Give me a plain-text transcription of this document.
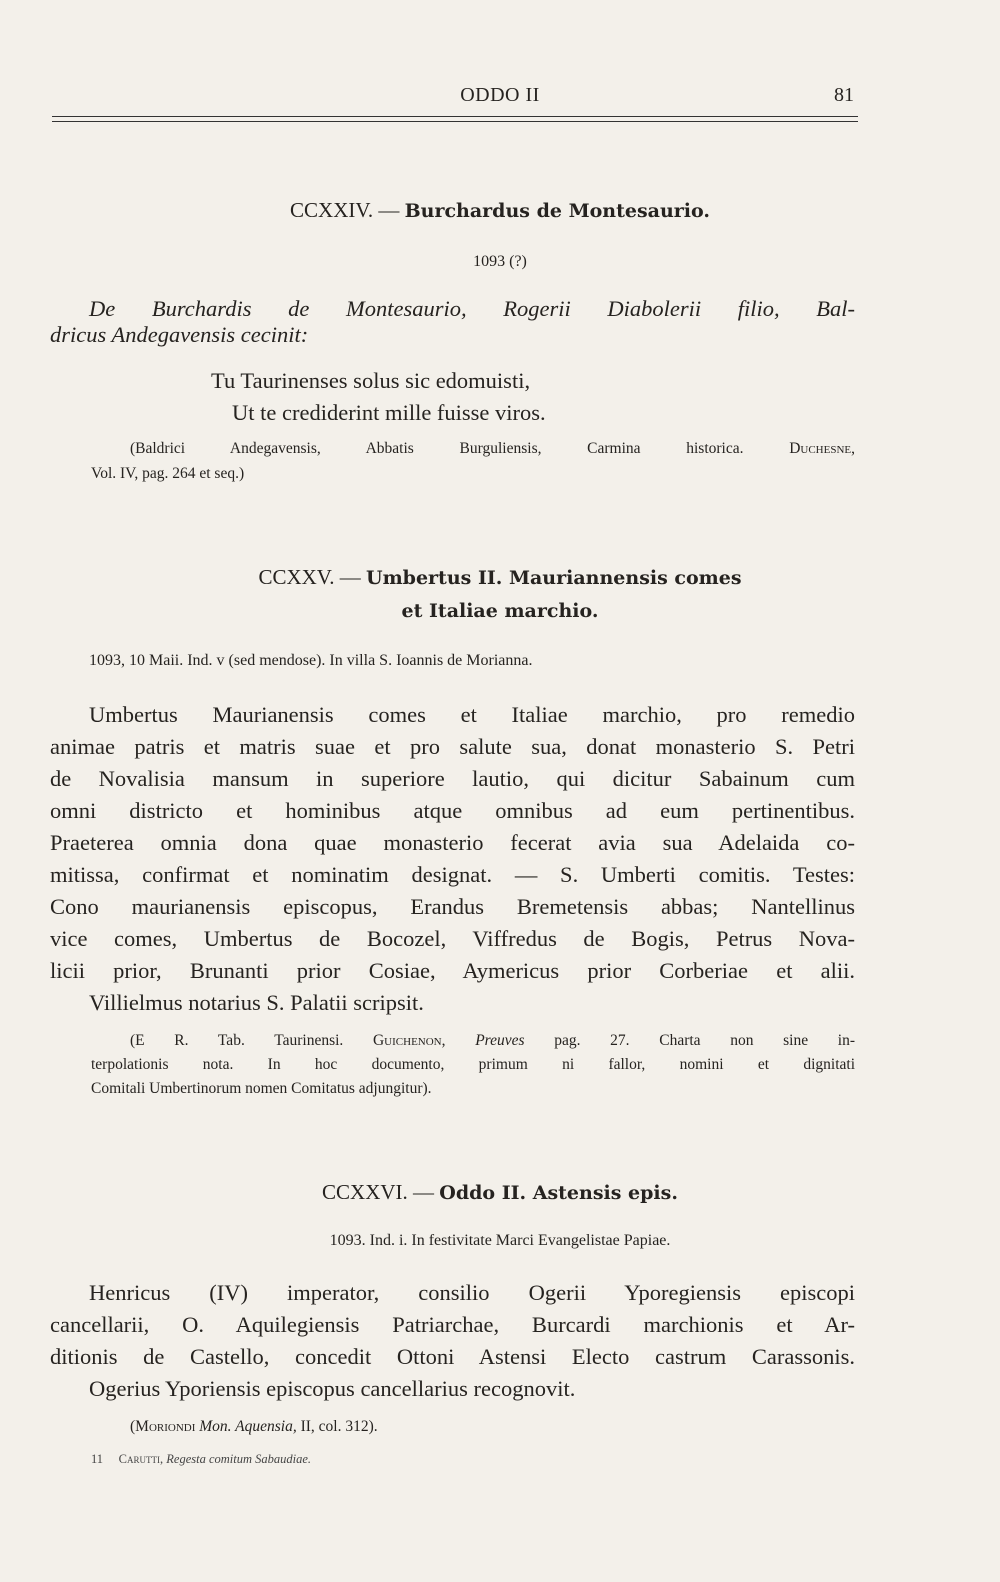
ODDO II	81
CCXXIV. — Burchardus de Montesaurio.
1093 (?)
De Burchardis de Montesaurio, Rogerii Diabolerii filio, Bal-
dricus Andegavensis cecinit:
Tu Taurinenses solus sic edomuisti,
Ut te crediderint mille fuisse viros.
(Baldrici Andegavensis, Abbatis Burguliensis, Carmina historica.	Duchesne,
Vol. IV, pag. 264 et seq.)
CCXXV. — Umbertus II. Mauriannensis comes
et Italiae marchio.
1093, 10 Maii. Ind. v (sed mendose). In villa S. Ioannis de Morianna.
Umbertus Maurianensis comes et Italiae marchio, pro remedio
animae patris et matris suae et pro salute sua, donat monasterio S. Petri
de Novalisia mansum in superiore lautio, qui dicitur Sabainum cum
omni districto et hominibus atque omnibus ad eum pertinentibus.
Praeterea omnia dona quae monasterio fecerat avia sua Adelaida co-
mitissa, confirmat et nominatim designat. — S. Umberti comitis. Testes:
Cono maurianensis episcopus, Erandus Bremetensis abbas; Nantellinus
vice comes, Umbertus de Bocozel, Viffredus de Bogis, Petrus Nova-
licii prior, Brunanti prior Cosiae, Aymericus prior Corberiae et alii.
Villielmus notarius S. Palatii scripsit.
(E R. Tab. Taurinensi. Guichenon, Preuves pag. 27. Charta non sine in-
terpolationis nota. In hoc documento, primum ni fallor, nomini et dignitati
Comitali Umbertinorum nomen Comitatus adjungitur).
CCXXVI. — Oddo II. Astensis epis.
1093. Ind. i. In festivitate Marci Evangelistae Papiae.
Henricus (IV) imperator, consilio Ogerii Yporegiensis episcopi
cancellarii, O. Aquilegiensis Patriarchae, Burcardi marchionis et Ar-
ditionis de Castello, concedit Ottoni Astensi Electo castrum Carassonis.
Ogerius Yporiensis episcopus cancellarius recognovit.
(Moriondi Mon. Aquensia, II, col. 312).
11 Carutti, Regesta comitum Sabaudiae.
